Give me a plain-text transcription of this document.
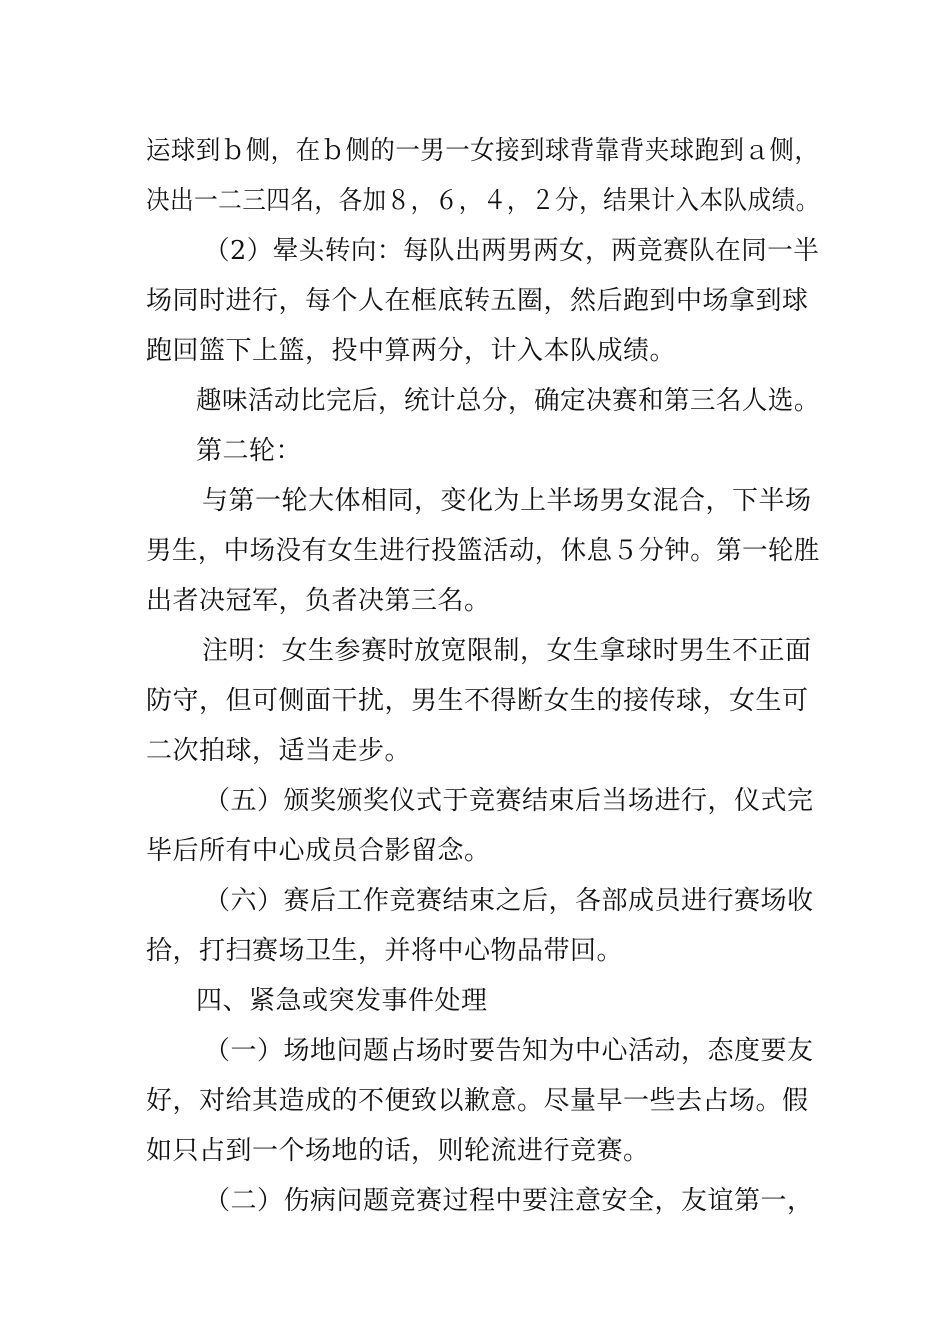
运球到ｂ侧，在ｂ侧的一男一女接到球背靠背夹球跑到ａ侧，
决出一二三四名，各加８，６，４，２分，结果计入本队成绩。
（2）晕头转向：每队出两男两女，两竞赛队在同一半
场同时进行，每个人在框底转五圈，然后跑到中场拿到球
跑回篮下上篮，投中算两分，计入本队成绩。
趣味活动比完后，统计总分，确定决赛和第三名人选。
第二轮：
与第一轮大体相同，变化为上半场男女混合，下半场
男生，中场没有女生进行投篮活动，休息５分钟。第一轮胜
出者决冠军，负者决第三名。
注明：女生参赛时放宽限制，女生拿球时男生不正面
防守，但可侧面干扰，男生不得断女生的接传球，女生可
二次拍球，适当走步。
（五）颁奖颁奖仪式于竞赛结束后当场进行，仪式完
毕后所有中心成员合影留念。
（六）赛后工作竞赛结束之后，各部成员进行赛场收
拾，打扫赛场卫生，并将中心物品带回。
四、紧急或突发事件处理
（一）场地问题占场时要告知为中心活动，态度要友
好，对给其造成的不便致以歉意。尽量早一些去占场。假
如只占到一个场地的话，则轮流进行竞赛。
（二）伤病问题竞赛过程中要注意安全，友谊第一，
